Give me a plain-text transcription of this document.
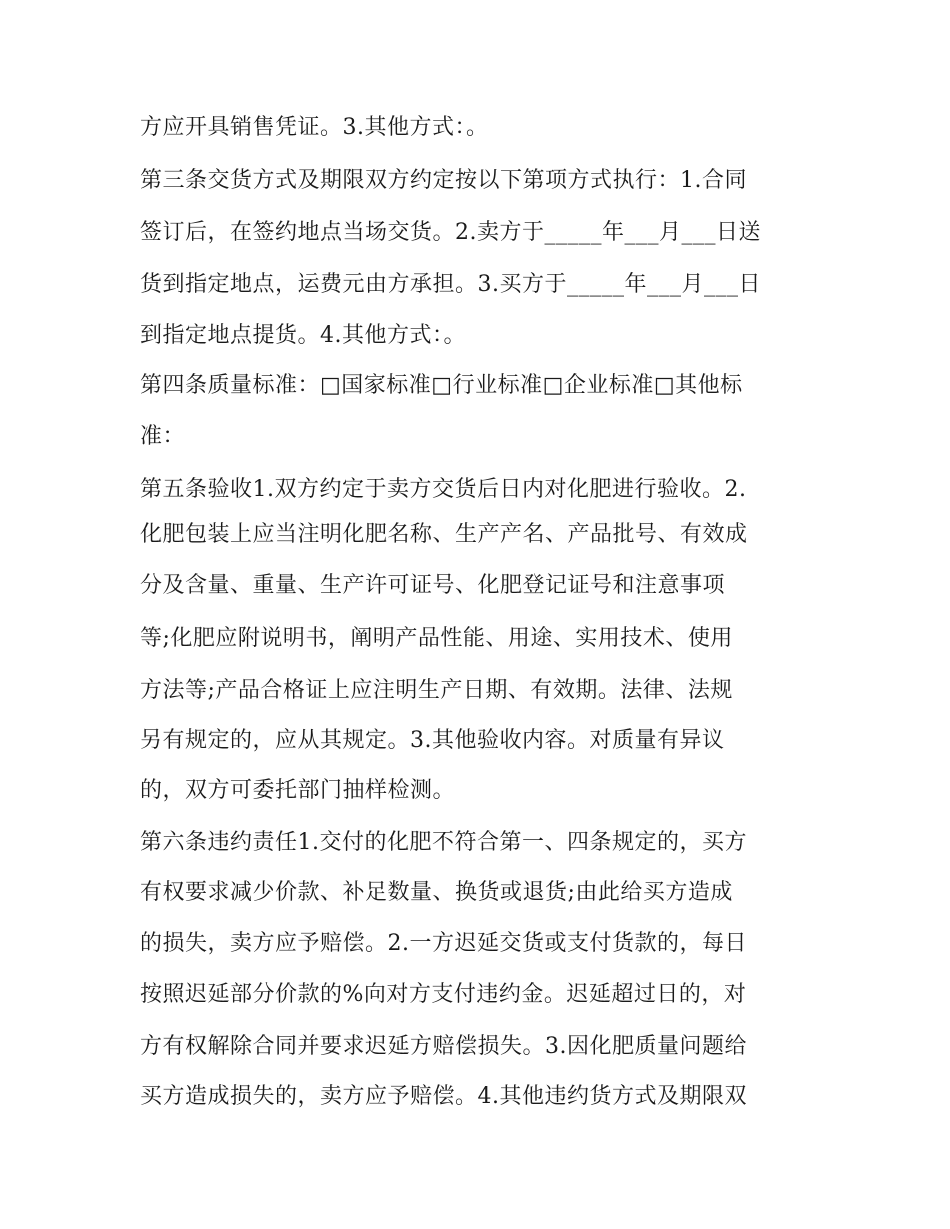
方应开具销售凭证。3.其他方式：。
第三条交货方式及期限双方约定按以下第项方式执行：1.合同
签订后，在签约地点当场交货。2.卖方于_____年___月___日送
货到指定地点，运费元由方承担。3.买方于_____年___月___日
到指定地点提货。4.其他方式：。
第四条质量标准：□国家标准□行业标准□企业标准□其他标
准：
第五条验收1.双方约定于卖方交货后日内对化肥进行验收。2.
化肥包装上应当注明化肥名称、生产产名、产品批号、有效成
分及含量、重量、生产许可证号、化肥登记证号和注意事项
等;化肥应附说明书，阐明产品性能、用途、实用技术、使用
方法等;产品合格证上应注明生产日期、有效期。法律、法规
另有规定的，应从其规定。3.其他验收内容。对质量有异议
的，双方可委托部门抽样检测。
第六条违约责任1.交付的化肥不符合第一、四条规定的，买方
有权要求减少价款、补足数量、换货或退货;由此给买方造成
的损失，卖方应予赔偿。2.一方迟延交货或支付货款的，每日
按照迟延部分价款的%向对方支付违约金。迟延超过日的，对
方有权解除合同并要求迟延方赔偿损失。3.因化肥质量问题给
买方造成损失的，卖方应予赔偿。4.其他违约货方式及期限双
